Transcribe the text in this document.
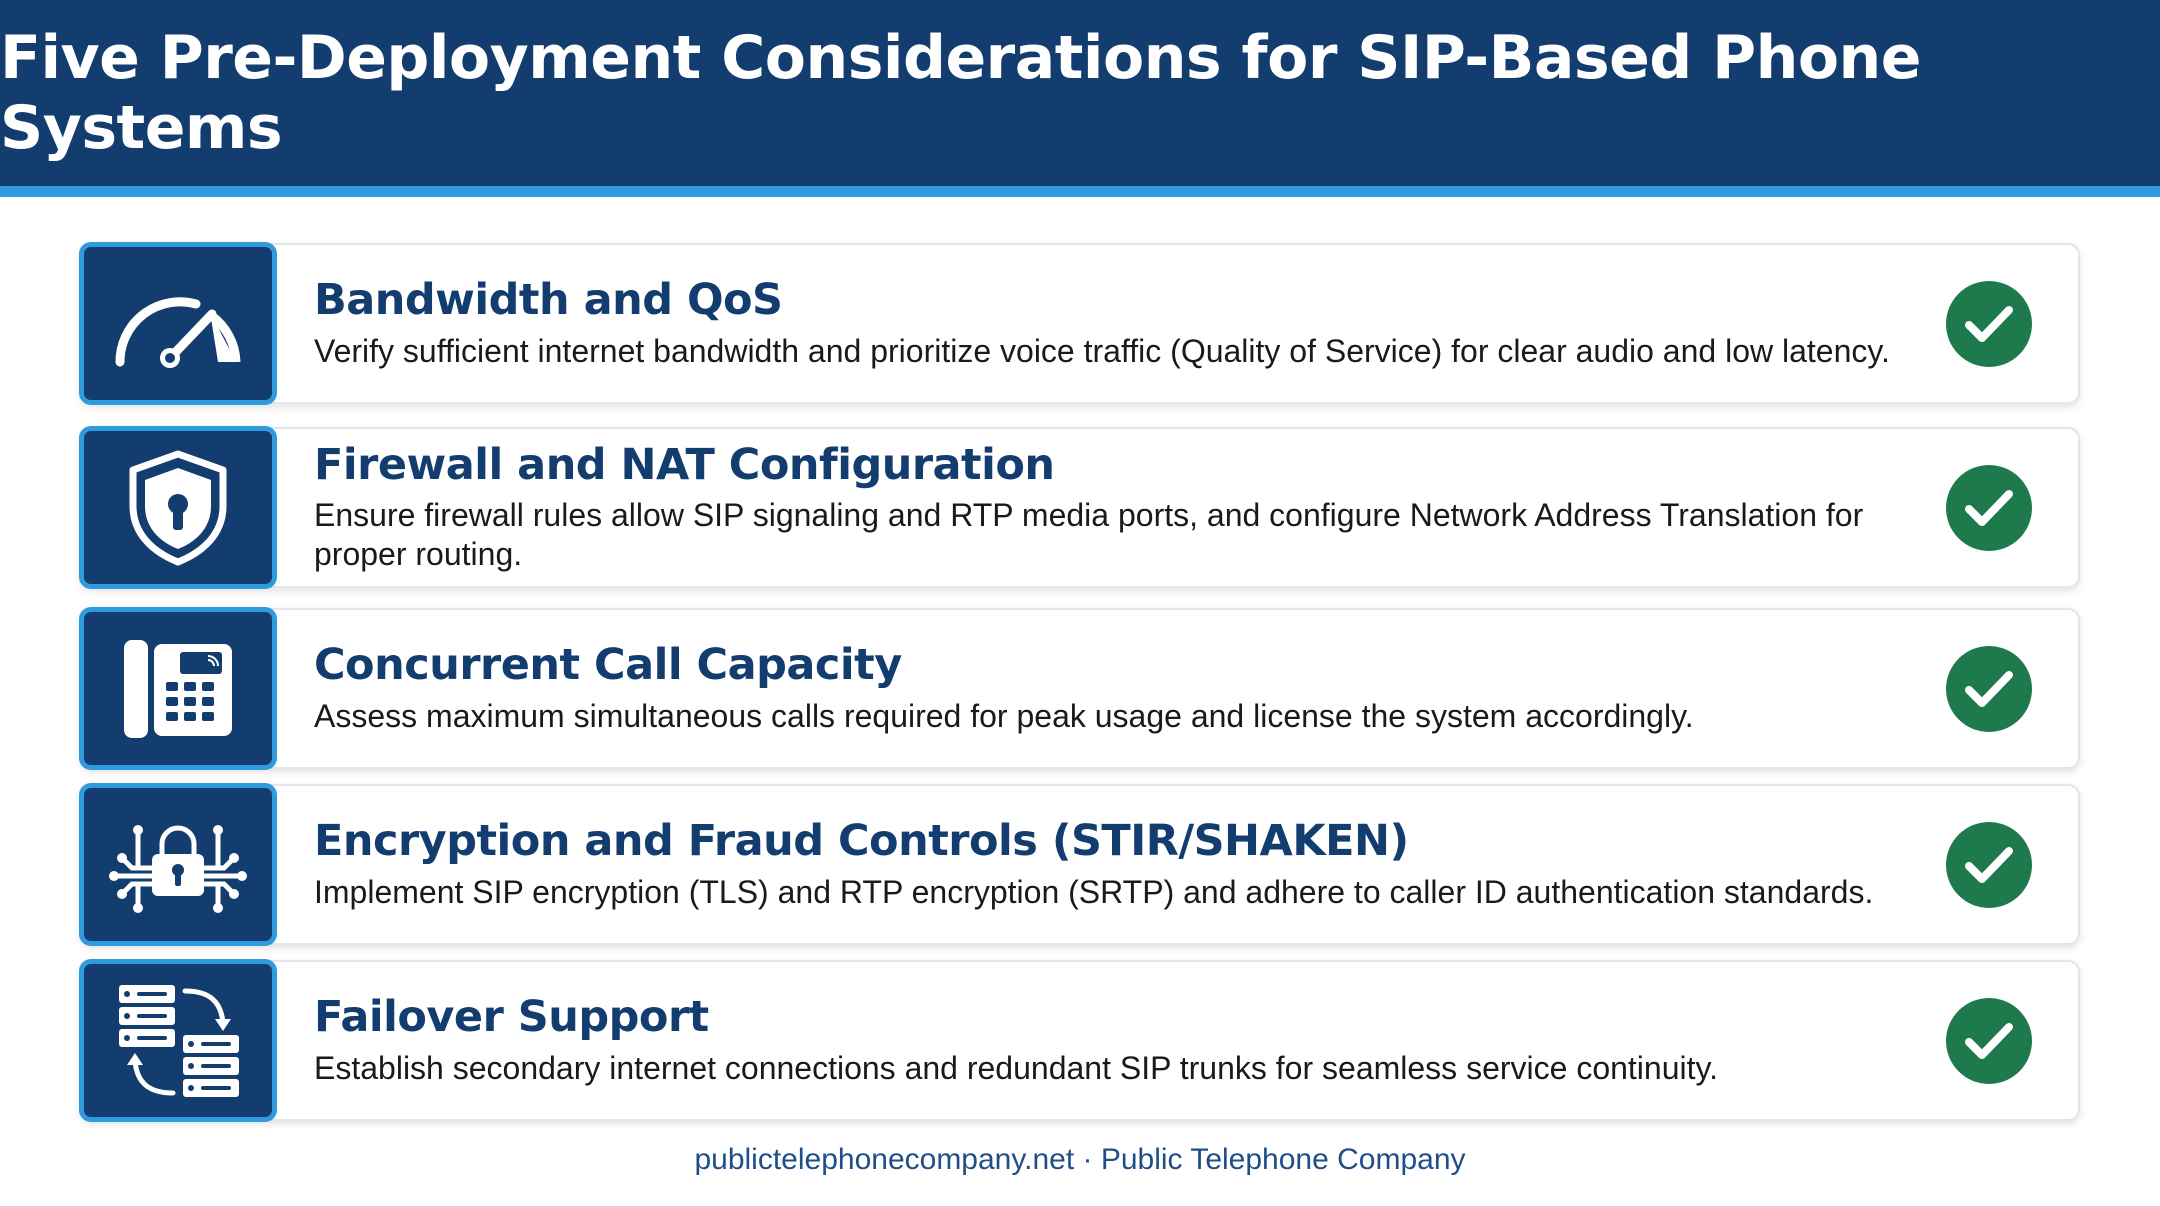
Five Pre-Deployment Considerations for SIP-Based Phone Systems
Bandwidth and QoS
Verify sufficient internet bandwidth and prioritize voice traffic (Quality of Service) for clear audio and low latency.
Firewall and NAT Configuration
Ensure firewall rules allow SIP signaling and RTP media ports, and configure Network Address Translation for proper routing.
Concurrent Call Capacity
Assess maximum simultaneous calls required for peak usage and license the system accordingly.
Encryption and Fraud Controls (STIR/SHAKEN)
Implement SIP encryption (TLS) and RTP encryption (SRTP) and adhere to caller ID authentication standards.
Failover Support
Establish secondary internet connections and redundant SIP trunks for seamless service continuity.
publictelephonecompany.net · Public Telephone Company
